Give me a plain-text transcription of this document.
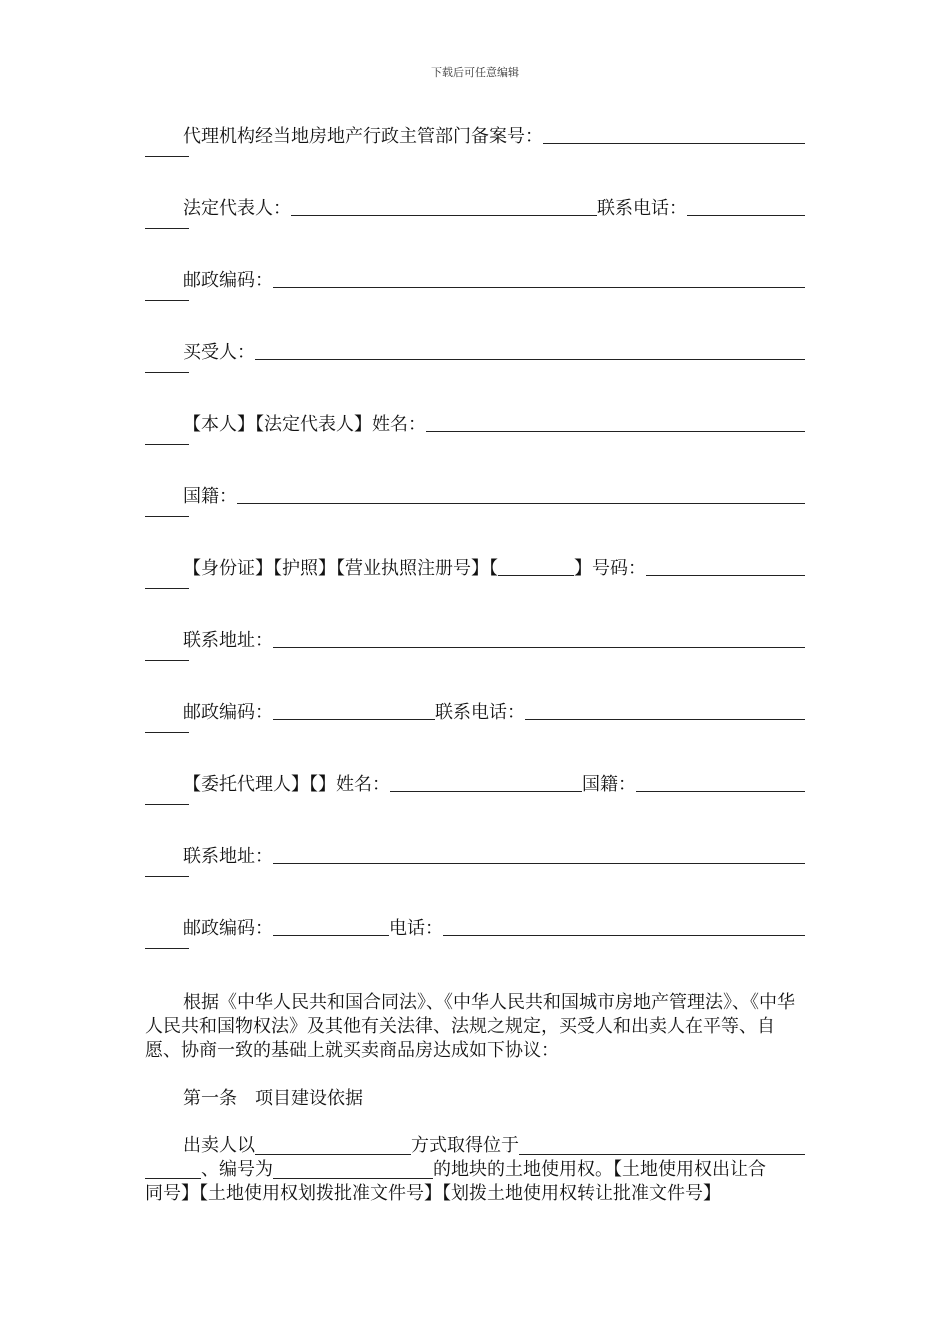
下载后可任意编辑
代理机构经当地房地产行政主管部门备案号：
法定代表人：	联系电话：
邮政编码：
买受人：
【本人】【法定代表人】姓名：
国籍：
【身份证】【护照】【营业执照注册号】【	】号码：
联系地址：
邮政编码：	联系电话：
【委托代理人】【】姓名：	国籍：
联系地址：
邮政编码：	电话：

根据《中华人民共和国合同法》、《中华人民共和国城市房地产管理法》、《中华人民共和国物权法》及其他有关法律、法规之规定，买受人和出卖人在平等、自愿、协商一致的基础上就买卖商品房达成如下协议：

第一条　项目建设依据

出卖人以	方式取得位于
、编号为	的地块的土地使用权。【土地使用权出让合
同号】【土地使用权划拨批准文件号】【划拨土地使用权转让批准文件号】
